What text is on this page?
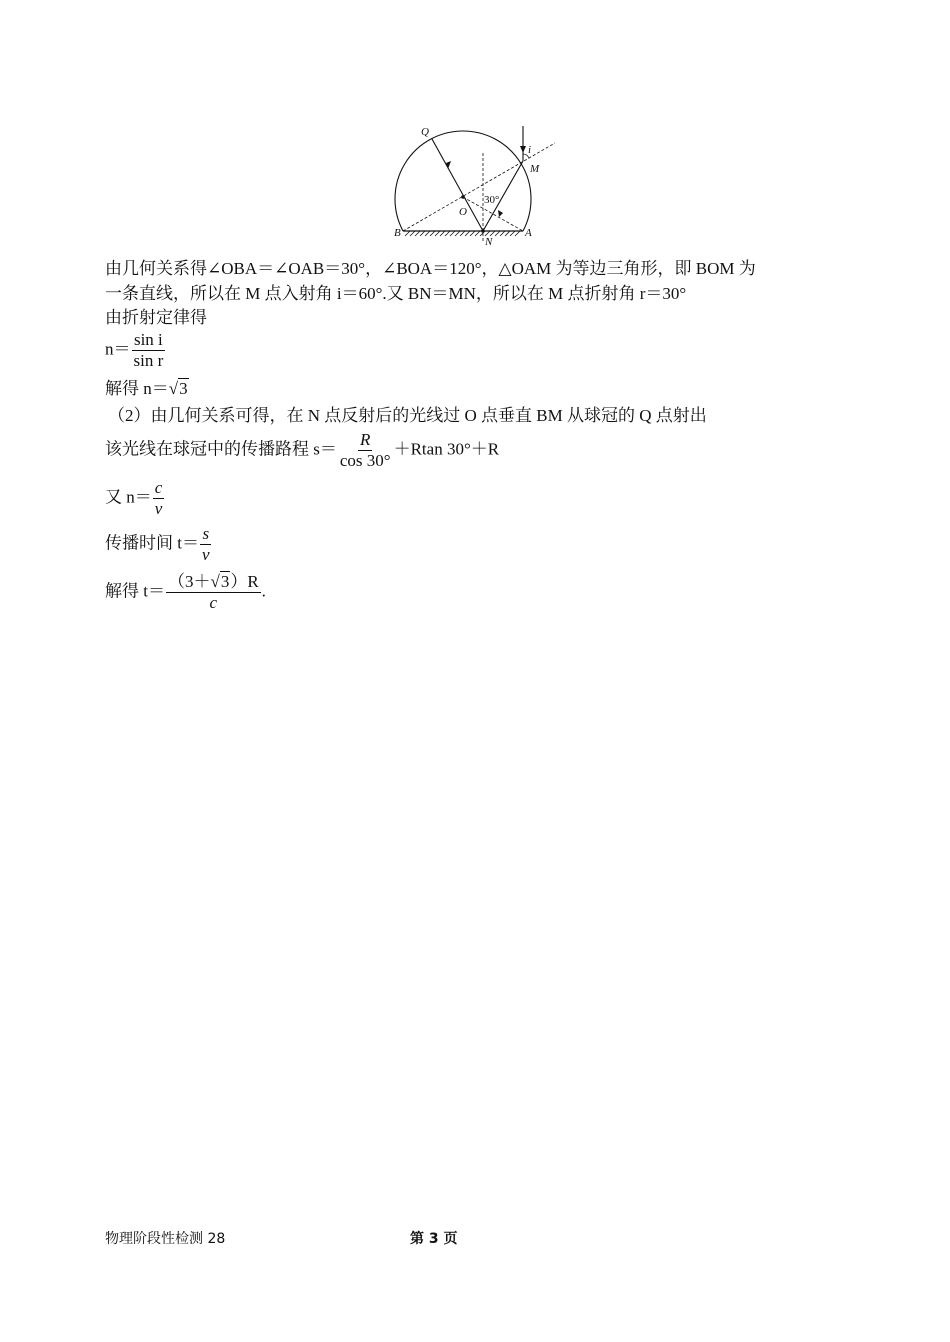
Q
i
M
O
30°
B
N
A
由几何关系得∠OBA＝∠OAB＝30°，∠BOA＝120°，△OAM 为等边三角形，即 BOM 为
一条直线，所以在 M 点入射角 i＝60°.又 BN＝MN，所以在 M 点折射角 r＝30°
由折射定律得
$n= \frac{\text{sin i}}{\text{sin r}}$
解得 n＝√3
（2）由几何关系可得，在 N 点反射后的光线过 O 点垂直 BM 从球冠的 Q 点射出
该光线在球冠中的传播路程 $s= \frac{R}{\cos 30^\circ} +Rtan$ 30°＋R
又 $n= \frac{c}{v}$
传播时间 $t= \frac{s}{v}$
解得 $t= \frac{(3+√3)R}{c}$ .
物理阶段性检测 28	第 3 页
